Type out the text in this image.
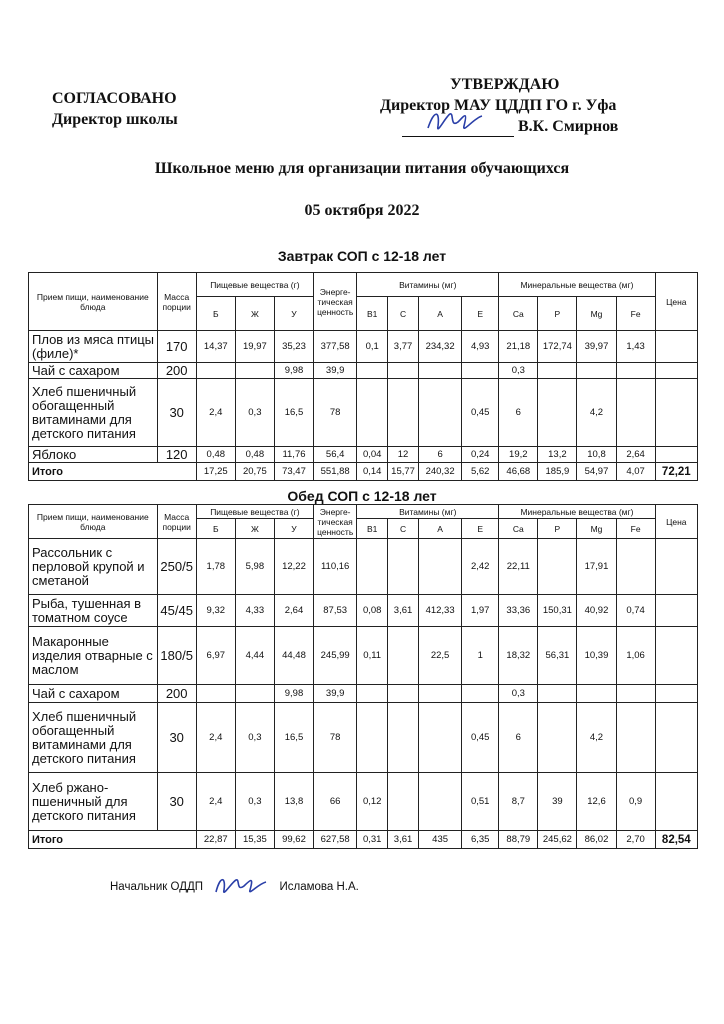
СОГЛАСОВАНО
Директор школы
УТВЕРЖДАЮ
Директор МАУ ЦДДП ГО г. Уфа
В.К. Смирнов
Школьное меню для организации питания обучающихся
05 октября 2022
Завтрак СОП с 12-18 лет
Прием пищи, наименование блюда	Масса порции	Пищевые вещества (г)			Энерге-тическая ценность	Витамины (мг)				Минеральные вещества (мг)				Цена
		Б	Ж	У		В1	С	А	Е	Ca	P	Mg	Fe	
Плов из мяса птицы (филе)*	170	14,37	19,97	35,23	377,58	0,1	3,77	234,32	4,93	21,18	172,74	39,97	1,43	
Чай с сахаром	200			9,98	39,9					0,3				
Хлеб пшеничный обогащенный витаминами для детского питания	30	2,4	0,3	16,5	78				0,45	6		4,2		
Яблоко	120	0,48	0,48	11,76	56,4	0,04	12	6	0,24	19,2	13,2	10,8	2,64	
Итого		17,25	20,75	73,47	551,88	0,14	15,77	240,32	5,62	46,68	185,9	54,97	4,07	72,21
Обед СОП с 12-18 лет
Прием пищи, наименование блюда	Масса порции	Пищевые вещества (г)			Энерге-тическая ценность	Витамины (мг)				Минеральные вещества (мг)				Цена
		Б	Ж	У		В1	С	А	Е	Ca	P	Mg	Fe	
Рассольник с перловой крупой и сметаной	250/5	1,78	5,98	12,22	110,16				2,42	22,11		17,91		
Рыба, тушенная в томатном соусе	45/45	9,32	4,33	2,64	87,53	0,08	3,61	412,33	1,97	33,36	150,31	40,92	0,74	
Макаронные изделия отварные с маслом	180/5	6,97	4,44	44,48	245,99	0,11		22,5	1	18,32	56,31	10,39	1,06	
Чай с сахаром	200			9,98	39,9					0,3				
Хлеб пшеничный обогащенный витаминами для детского питания	30	2,4	0,3	16,5	78				0,45	6		4,2		
Хлеб ржано-пшеничный для детского питания	30	2,4	0,3	13,8	66	0,12			0,51	8,7	39	12,6	0,9	
Итого		22,87	15,35	99,62	627,58	0,31	3,61	435	6,35	88,79	245,62	86,02	2,70	82,54
Начальник ОДДП	Исламова Н.А.
